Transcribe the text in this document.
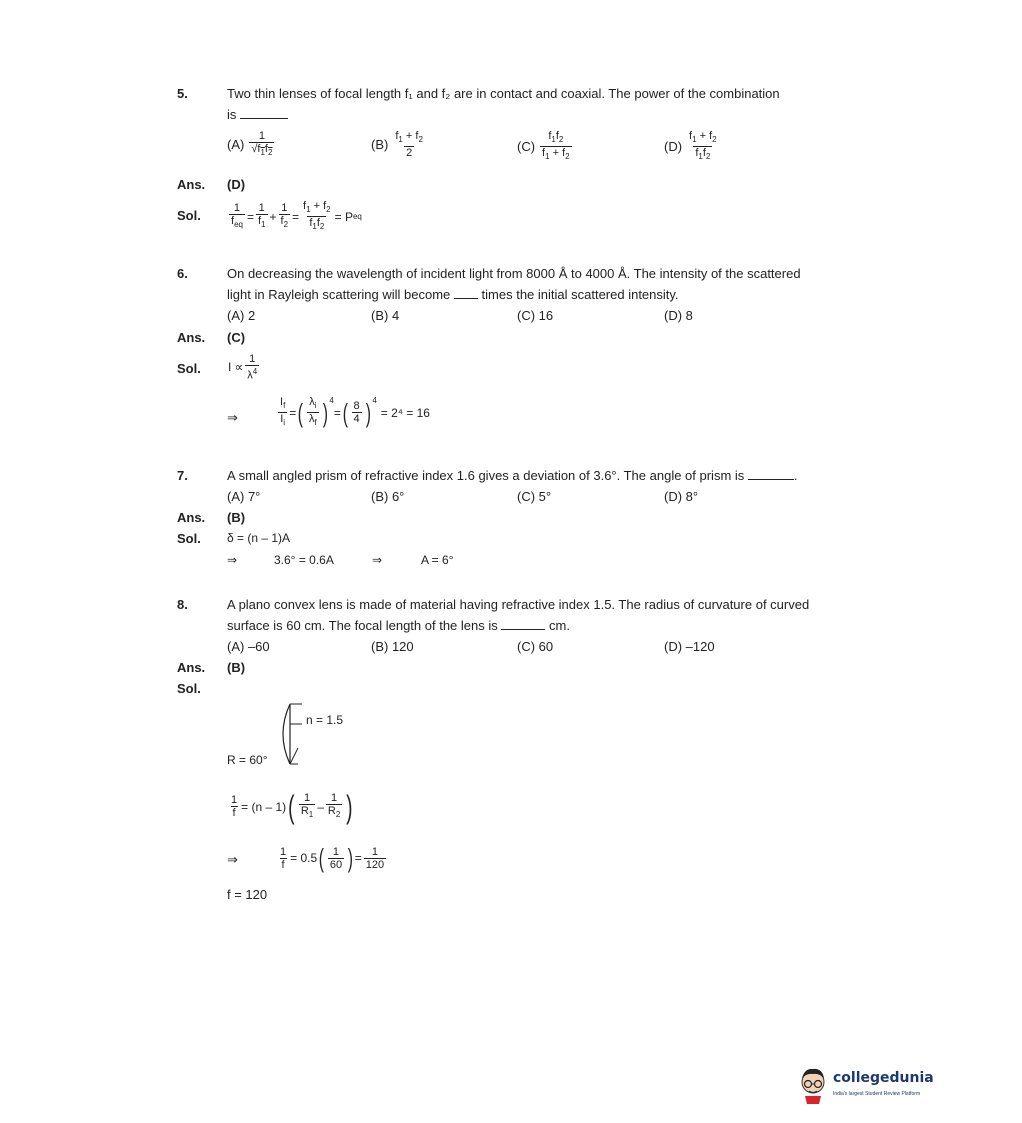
5.	Two thin lenses of focal length f₁ and f₂ are in contact and coaxial. The power of the combination
is
$(A) \frac{1}{√f_1f_2}$	$(B) \frac{f_1 + f_2}{2}$	$(C) \frac{f_1f_2}{f_1 + f_2}$	$(D) \frac{f_1 + f_2}{f_1f_2}$
Ans. (D)
Sol.	$\frac{1}{f_{eq}} = \frac{1}{f_1} + \frac{1}{f_2} = \frac{f_1 + f_2}{f_1f_2} = P$ eq
6.	On decreasing the wavelength of incident light from 8000 Å to 4000 Å. The intensity of the scattered
light in Rayleigh scattering will become times the initial scattered intensity.
(A) 2	(B) 4	(C) 16	(D) 8
Ans. (C)
Sol. $I \propto \frac{1}{\lambda^4}$
⇒	$\frac{I_f}{I_i}$ = ( $\frac{\lambda_i}{\lambda_f} )^4$
= ( $\frac{8}{4} )^4$
= 2⁴ = 16
7.	A small angled prism of refractive index 1.6 gives a deviation of 3.6°. The angle of prism is	.
(A) 7°	(B) 6°	(C) 5°	(D) 8°
Ans. (B)
Sol. δ = (n – 1)A
⇒	3.6° = 0.6A	⇒	A = 6°
8.	A plano convex lens is made of material having refractive index 1.5. The radius of curvature of curved
surface is 60 cm. The focal length of the lens is	cm.
(A) –60	(B) 120	(C) 60	(D) –120
Ans. (B)
Sol.
n = 1.5
R = 60°
$\frac{1}{f} = (n - 1)$ ( $\frac{1}{R_1} - \frac{1}{R_2}$ )
⇒	$\frac{1}{f} = 0.5$ ( $\frac{1}{60}$ ) = $\frac{1}{120}$
f = 120
collegedunia
India's largest Student Review Platform
